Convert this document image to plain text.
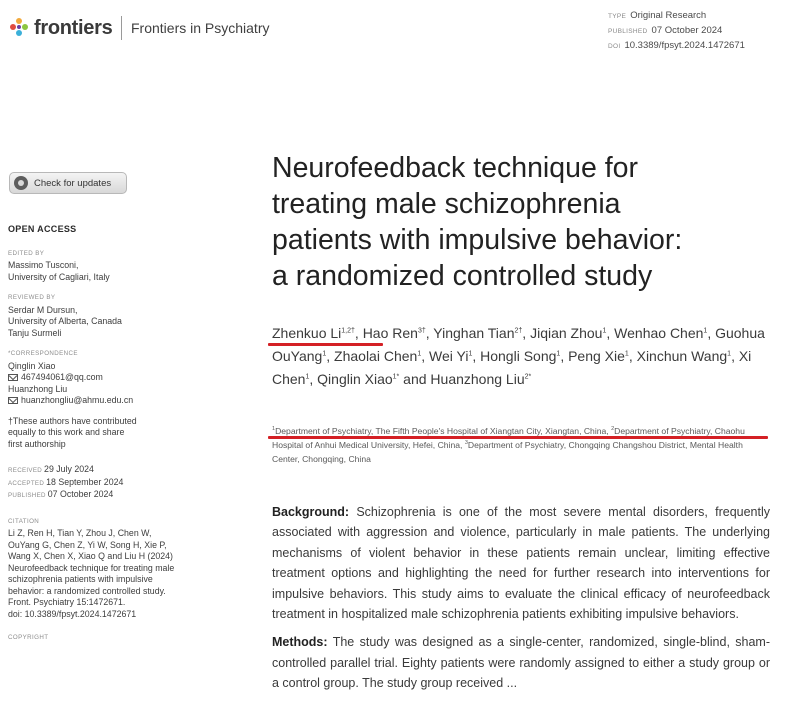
frontiers Frontiers in Psychiatry
TYPE Original Research
PUBLISHED 07 October 2024
DOI 10.3389/fpsyt.2024.1472671
Check for updates
OPEN ACCESS
EDITED BY
Massimo Tusconi,
University of Cagliari, Italy
REVIEWED BY
Serdar M Dursun,
University of Alberta, Canada
Tanju Surmeli
*CORRESPONDENCE
Qinglin Xiao
467494061@qq.com
Huanzhong Liu
huanzhongliu@ahmu.edu.cn
†These authors have contributed
equally to this work and share
first authorship
RECEIVED 29 July 2024
ACCEPTED 18 September 2024
PUBLISHED 07 October 2024
CITATION
Li Z, Ren H, Tian Y, Zhou J, Chen W,
OuYang G, Chen Z, Yi W, Song H, Xie P,
Wang X, Chen X, Xiao Q and Liu H (2024)
Neurofeedback technique for treating male
schizophrenia patients with impulsive
behavior: a randomized controlled study.
Front. Psychiatry 15:1472671.
doi: 10.3389/fpsyt.2024.1472671
COPYRIGHT
Neurofeedback technique for
treating male schizophrenia
patients with impulsive behavior:
a randomized controlled study
Zhenkuo $Li^{1,2\dagger}$, Hao Ren$^{3\dagger}$, Yinghan Tian$^{2\dagger}$, Jiqian Zhou$^1$, Wenhao Chen$^1$, Guohua OuYang$^1$, Zhaolai Chen$^1$, Wei Yi$^1$, Hongli Song$^1$, Peng Xie$^1$, Xinchun Wang$^1$, Xi Chen$^1$, Qinglin Xiao$^{1*}$ and Huanzhong Liu$^{2*}$
$^1$Department of Psychiatry, The Fifth People's Hospital of Xiangtan City, Xiangtan, China, $^2$Department of Psychiatry, Chaohu Hospital of Anhui Medical University, Hefei, China, $^3$Department of Psychiatry, Chongqing Changshou District, Mental Health Center, Chongqing, China

Background: Schizophrenia is one of the most severe mental disorders, frequently associated with aggression and violence, particularly in male patients. The underlying mechanisms of violent behavior in these patients remain unclear, limiting effective treatment options and highlighting the need for further research into interventions for impulsive behaviors. This study aims to evaluate the clinical efficacy of neurofeedback treatment in hospitalized male schizophrenia patients exhibiting impulsive behaviors.

Methods: The study was designed as a single-center, randomized, single-blind, sham-controlled parallel trial. Eighty patients were randomly assigned to either a study group or a control group. The study group received ...
